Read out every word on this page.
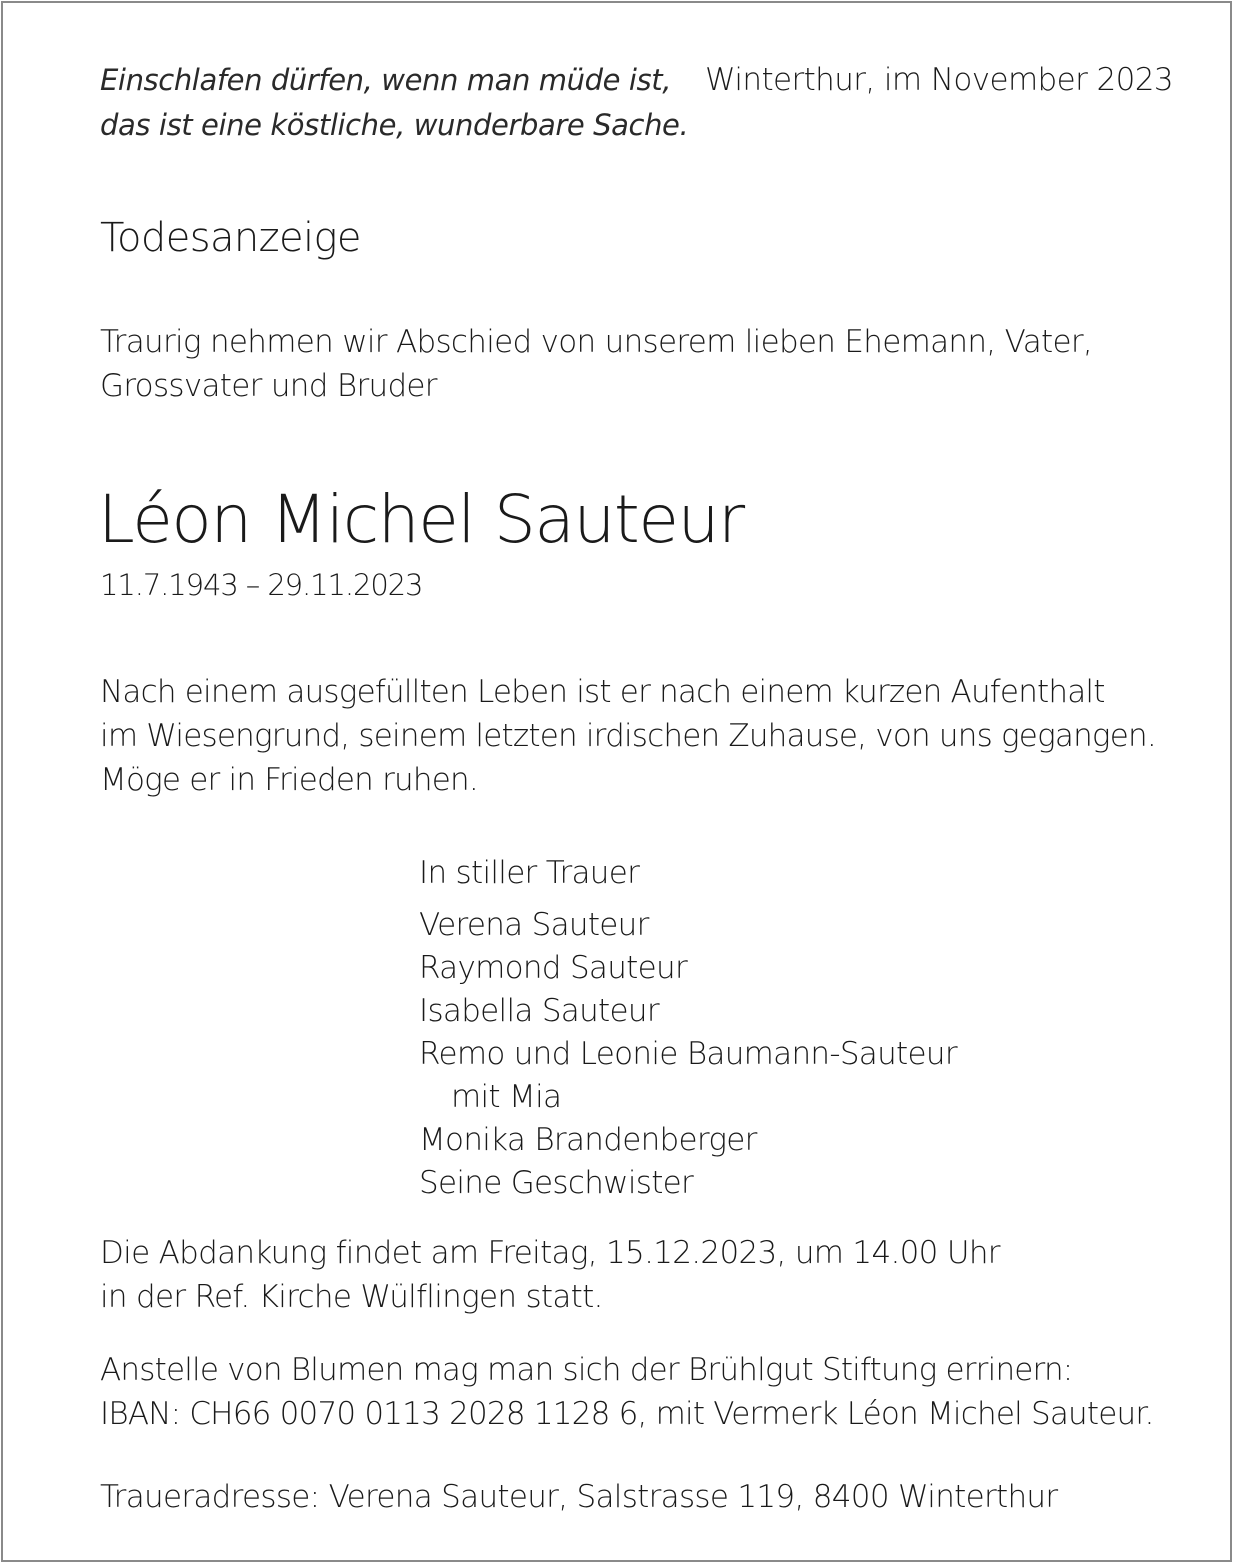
Einschlafen dürfen, wenn man müde ist,
das ist eine köstliche, wunderbare Sache.
Winterthur, im November 2023
Todesanzeige
Traurig nehmen wir Abschied von unserem lieben Ehemann, Vater,
Grossvater und Bruder
Léon Michel Sauteur
11.7.1943 – 29.11.2023
Nach einem ausgefüllten Leben ist er nach einem kurzen Aufenthalt
im Wiesengrund, seinem letzten irdischen Zuhause, von uns gegangen.
Möge er in Frieden ruhen.
In stiller Trauer
Verena Sauteur
Raymond Sauteur
Isabella Sauteur
Remo und Leonie Baumann-Sauteur
mit Mia
Monika Brandenberger
Seine Geschwister
Die Abdankung findet am Freitag, 15.12.2023, um 14.00 Uhr
in der Ref. Kirche Wülflingen statt.
Anstelle von Blumen mag man sich der Brühlgut Stiftung errinern:
IBAN: CH66 0070 0113 2028 1128 6, mit Vermerk Léon Michel Sauteur.
Traueradresse: Verena Sauteur, Salstrasse 119, 8400 Winterthur
